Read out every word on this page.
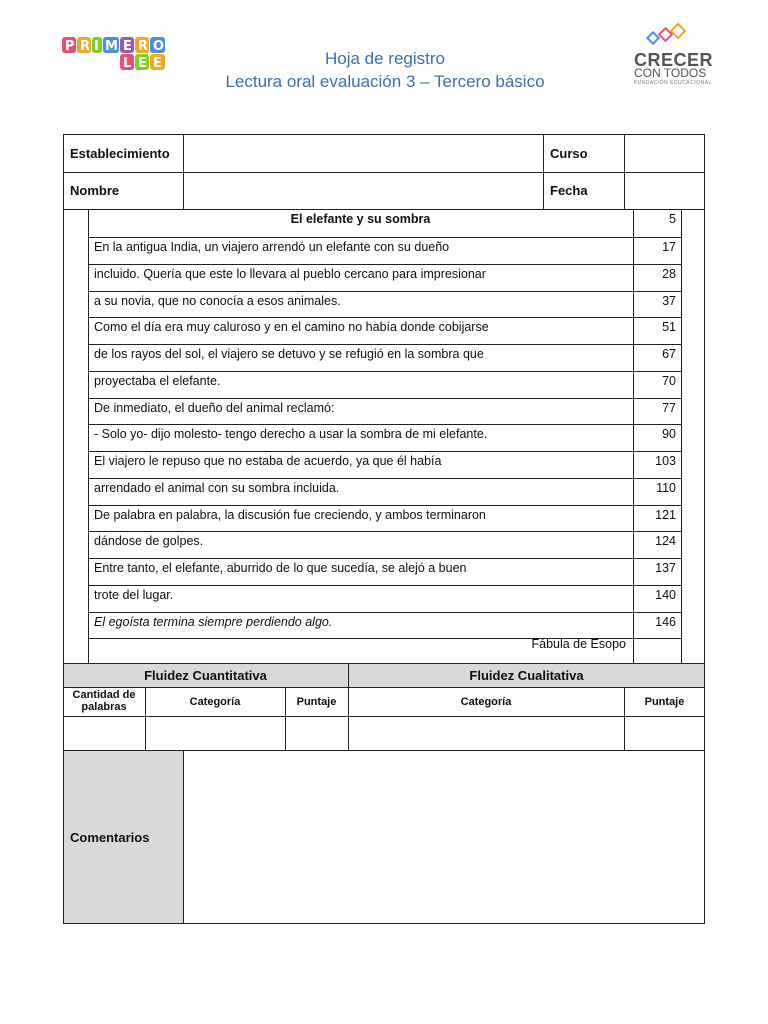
P R I M E R O
L E E	Hoja de registro
Lectura oral evaluación 3 – Tercero básico
CRECER
CON TODOS
FUNDACIÓN EDUCACIONAL
Establecimiento	Curso
Nombre	Fecha
El elefante y su sombra	5
En la antigua India, un viajero arrendó un elefante con su dueño	17
incluido. Quería que este lo llevara al pueblo cercano para impresionar	28
a su novia, que no conocía a esos animales.	37
Como el día era muy caluroso y en el camino no había donde cobijarse	51
de los rayos del sol, el viajero se detuvo y se refugió en la sombra que	67
proyectaba el elefante.	70
De inmediato, el dueño del animal reclamó:	77
- Solo yo- dijo molesto- tengo derecho a usar la sombra de mi elefante.	90
El viajero le repuso que no estaba de acuerdo, ya que él había	103
arrendado el animal con su sombra incluida.	110
De palabra en palabra, la discusión fue creciendo, y ambos terminaron	121
dándose de golpes.	124
Entre tanto, el elefante, aburrido de lo que sucedía, se alejó a buen	137
trote del lugar.	140
El egoísta termina siempre perdiendo algo.	146
Fábula de Esopo
Fluidez Cuantitativa	Fluidez Cualitativa
Cantidad de palabras	Categoría	Puntaje	Categoría	Puntaje
Comentarios
